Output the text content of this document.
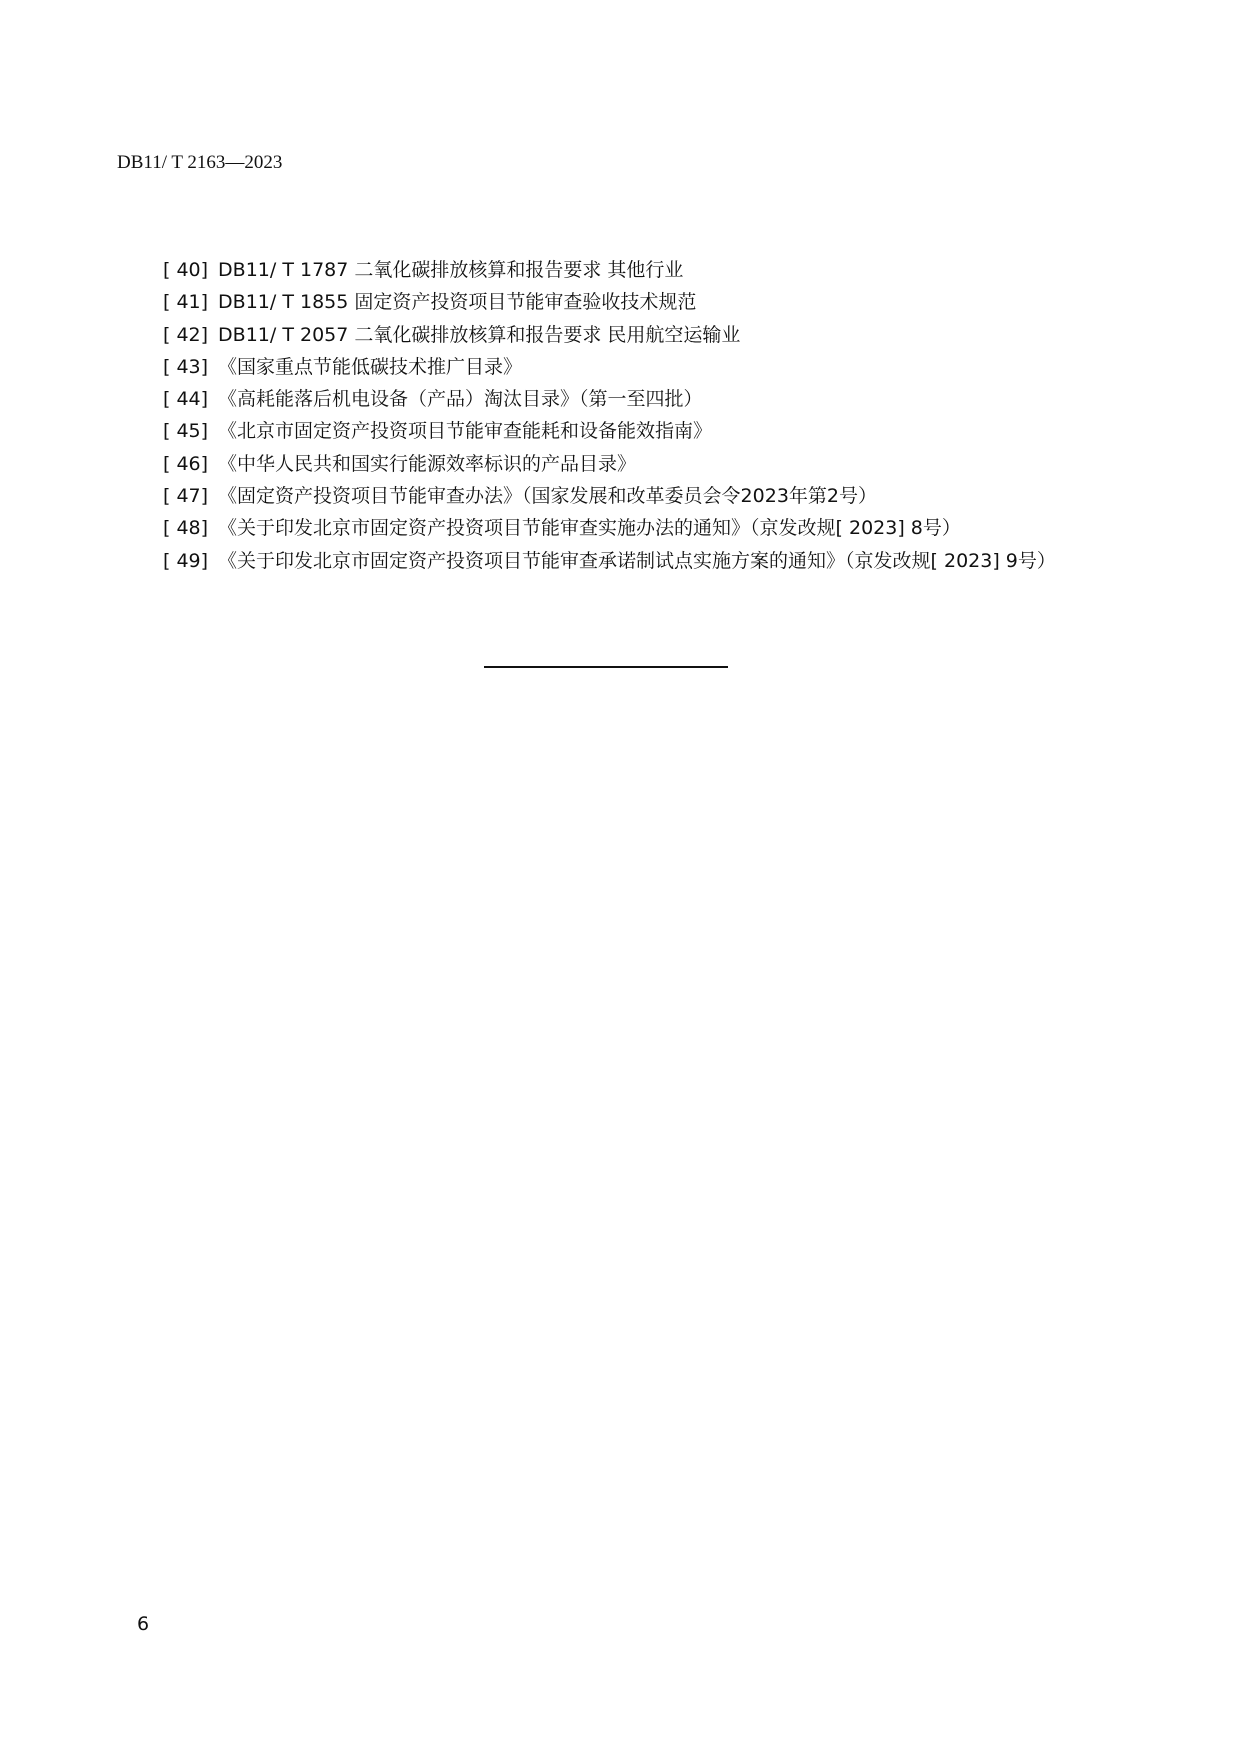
DB11/ T 2163—2023
[ 40] DB11/ T 1787 二氧化碳排放核算和报告要求 其他行业
[ 41] DB11/ T 1855 固定资产投资项目节能审查验收技术规范
[ 42] DB11/ T 2057 二氧化碳排放核算和报告要求 民用航空运输业
[ 43] 《国家重点节能低碳技术推广目录》
[ 44] 《高耗能落后机电设备（产品）淘汰目录》（第一至四批）
[ 45] 《北京市固定资产投资项目节能审查能耗和设备能效指南》
[ 46] 《中华人民共和国实行能源效率标识的产品目录》
[ 47] 《固定资产投资项目节能审查办法》（国家发展和改革委员会令2023年第2号）
[ 48] 《关于印发北京市固定资产投资项目节能审查实施办法的通知》（京发改规[ 2023] 8号）
[ 49] 《关于印发北京市固定资产投资项目节能审查承诺制试点实施方案的通知》（京发改规[ 2023] 9号）
6
